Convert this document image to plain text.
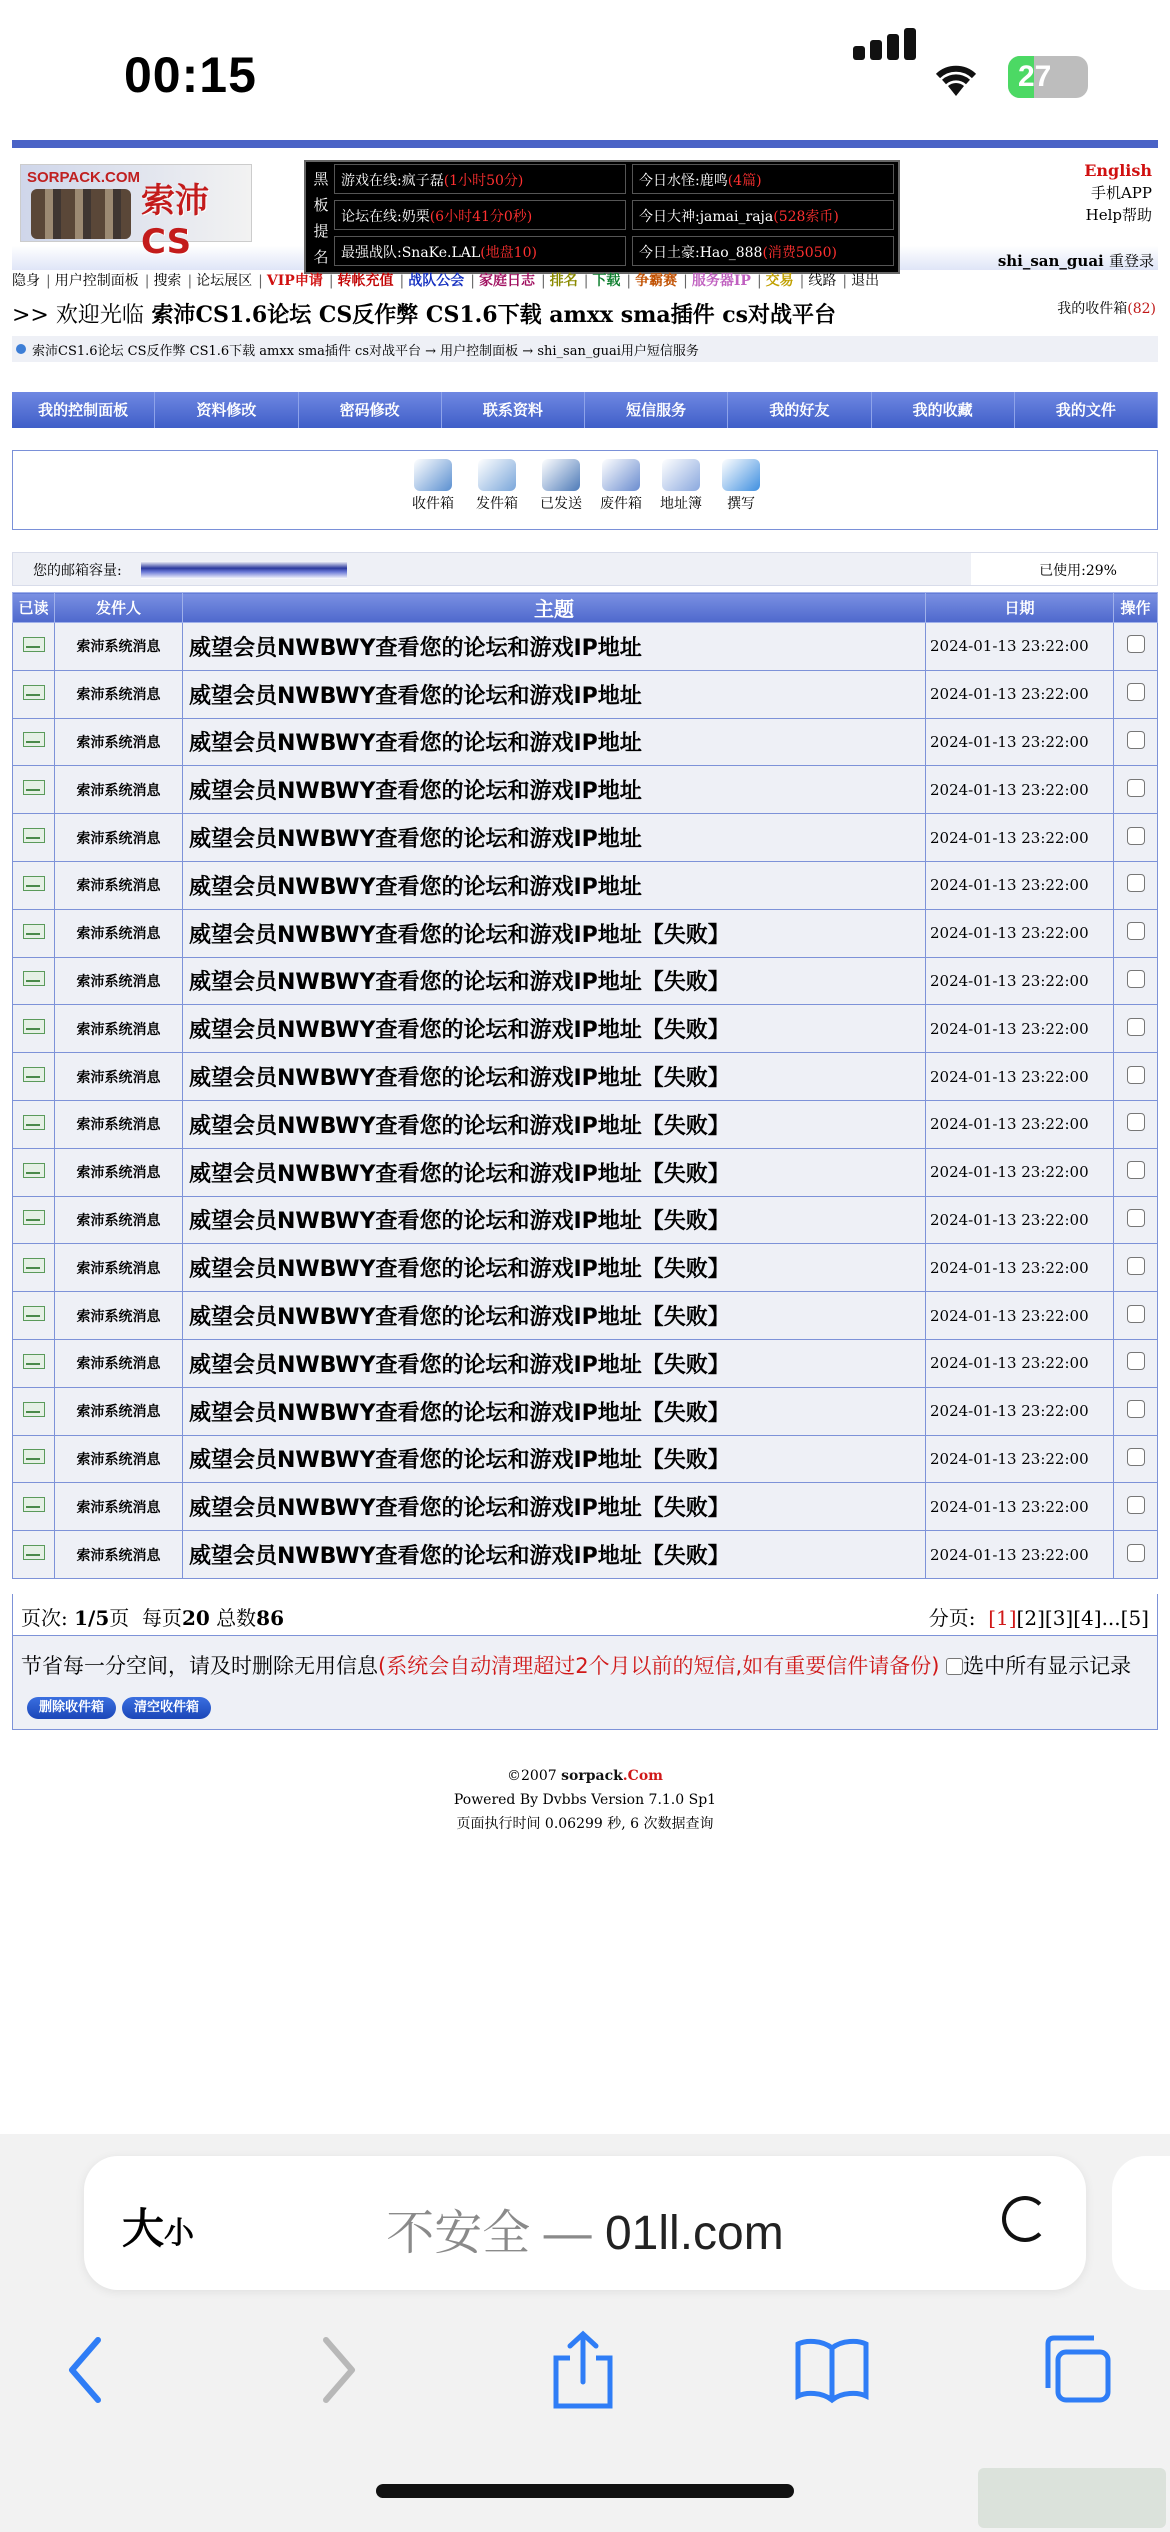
00:15	27
SORPACK.COM
索沛CS
黑板提名
游戏在线:疯子磊(1小时50分)	今日水怪:鹿鸣(4篇)
论坛在线:奶栗(6小时41分0秒)	今日大神:jamai_raja(528索币)
最强战队:SnaKe.LAL(地盘10)	今日土豪:Hao_888(消费5050)
English
手机APP
Help帮助
shi_san_guai 重登录
隐身 | 用户控制面板 | 搜索 | 论坛展区 | VIP申请 | 转帐充值 | 战队公会 | 家庭日志 | 排名 | 下载 | 争霸赛 | 服务器IP | 交易 | 线路 | 退出
>> 欢迎光临 索沛CS1.6论坛 CS反作弊 CS1.6下载 amxx sma插件 cs对战平台	我的收件箱(82)
索沛CS1.6论坛 CS反作弊 CS1.6下载 amxx sma插件 cs对战平台 → 用户控制面板 → shi_san_guai用户短信服务
我的控制面板	资料修改	密码修改	联系资料	短信服务	我的好友	我的收藏	我的文件
收件箱	发件箱	已发送	废件箱	地址簿	撰写
您的邮箱容量:	已使用:29%
已读	发件人	主题	日期	操作
	索沛系统消息	威望会员NWBWY查看您的论坛和游戏IP地址	2024-01-13 23:22:00	
	索沛系统消息	威望会员NWBWY查看您的论坛和游戏IP地址	2024-01-13 23:22:00	
	索沛系统消息	威望会员NWBWY查看您的论坛和游戏IP地址	2024-01-13 23:22:00	
	索沛系统消息	威望会员NWBWY查看您的论坛和游戏IP地址	2024-01-13 23:22:00	
	索沛系统消息	威望会员NWBWY查看您的论坛和游戏IP地址	2024-01-13 23:22:00	
	索沛系统消息	威望会员NWBWY查看您的论坛和游戏IP地址	2024-01-13 23:22:00	
	索沛系统消息	威望会员NWBWY查看您的论坛和游戏IP地址【失败】	2024-01-13 23:22:00	
	索沛系统消息	威望会员NWBWY查看您的论坛和游戏IP地址【失败】	2024-01-13 23:22:00	
	索沛系统消息	威望会员NWBWY查看您的论坛和游戏IP地址【失败】	2024-01-13 23:22:00	
	索沛系统消息	威望会员NWBWY查看您的论坛和游戏IP地址【失败】	2024-01-13 23:22:00	
	索沛系统消息	威望会员NWBWY查看您的论坛和游戏IP地址【失败】	2024-01-13 23:22:00	
	索沛系统消息	威望会员NWBWY查看您的论坛和游戏IP地址【失败】	2024-01-13 23:22:00	
	索沛系统消息	威望会员NWBWY查看您的论坛和游戏IP地址【失败】	2024-01-13 23:22:00	
	索沛系统消息	威望会员NWBWY查看您的论坛和游戏IP地址【失败】	2024-01-13 23:22:00	
	索沛系统消息	威望会员NWBWY查看您的论坛和游戏IP地址【失败】	2024-01-13 23:22:00	
	索沛系统消息	威望会员NWBWY查看您的论坛和游戏IP地址【失败】	2024-01-13 23:22:00	
	索沛系统消息	威望会员NWBWY查看您的论坛和游戏IP地址【失败】	2024-01-13 23:22:00	
	索沛系统消息	威望会员NWBWY查看您的论坛和游戏IP地址【失败】	2024-01-13 23:22:00	
	索沛系统消息	威望会员NWBWY查看您的论坛和游戏IP地址【失败】	2024-01-13 23:22:00	
	索沛系统消息	威望会员NWBWY查看您的论坛和游戏IP地址【失败】	2024-01-13 23:22:00	
页次: 1/5页 每页20 总数86	分页: [1][2][3][4]...[5]
节省每一分空间，请及时删除无用信息(系统会自动清理超过2个月以前的短信,如有重要信件请备份) 选中所有显示记录 删除收件箱 清空收件箱
©2007 sorpack.Com
Powered By Dvbbs Version 7.1.0 Sp1
页面执行时间 0.06299 秒, 6 次数据查询
大小	不安全 — 01ll.com
